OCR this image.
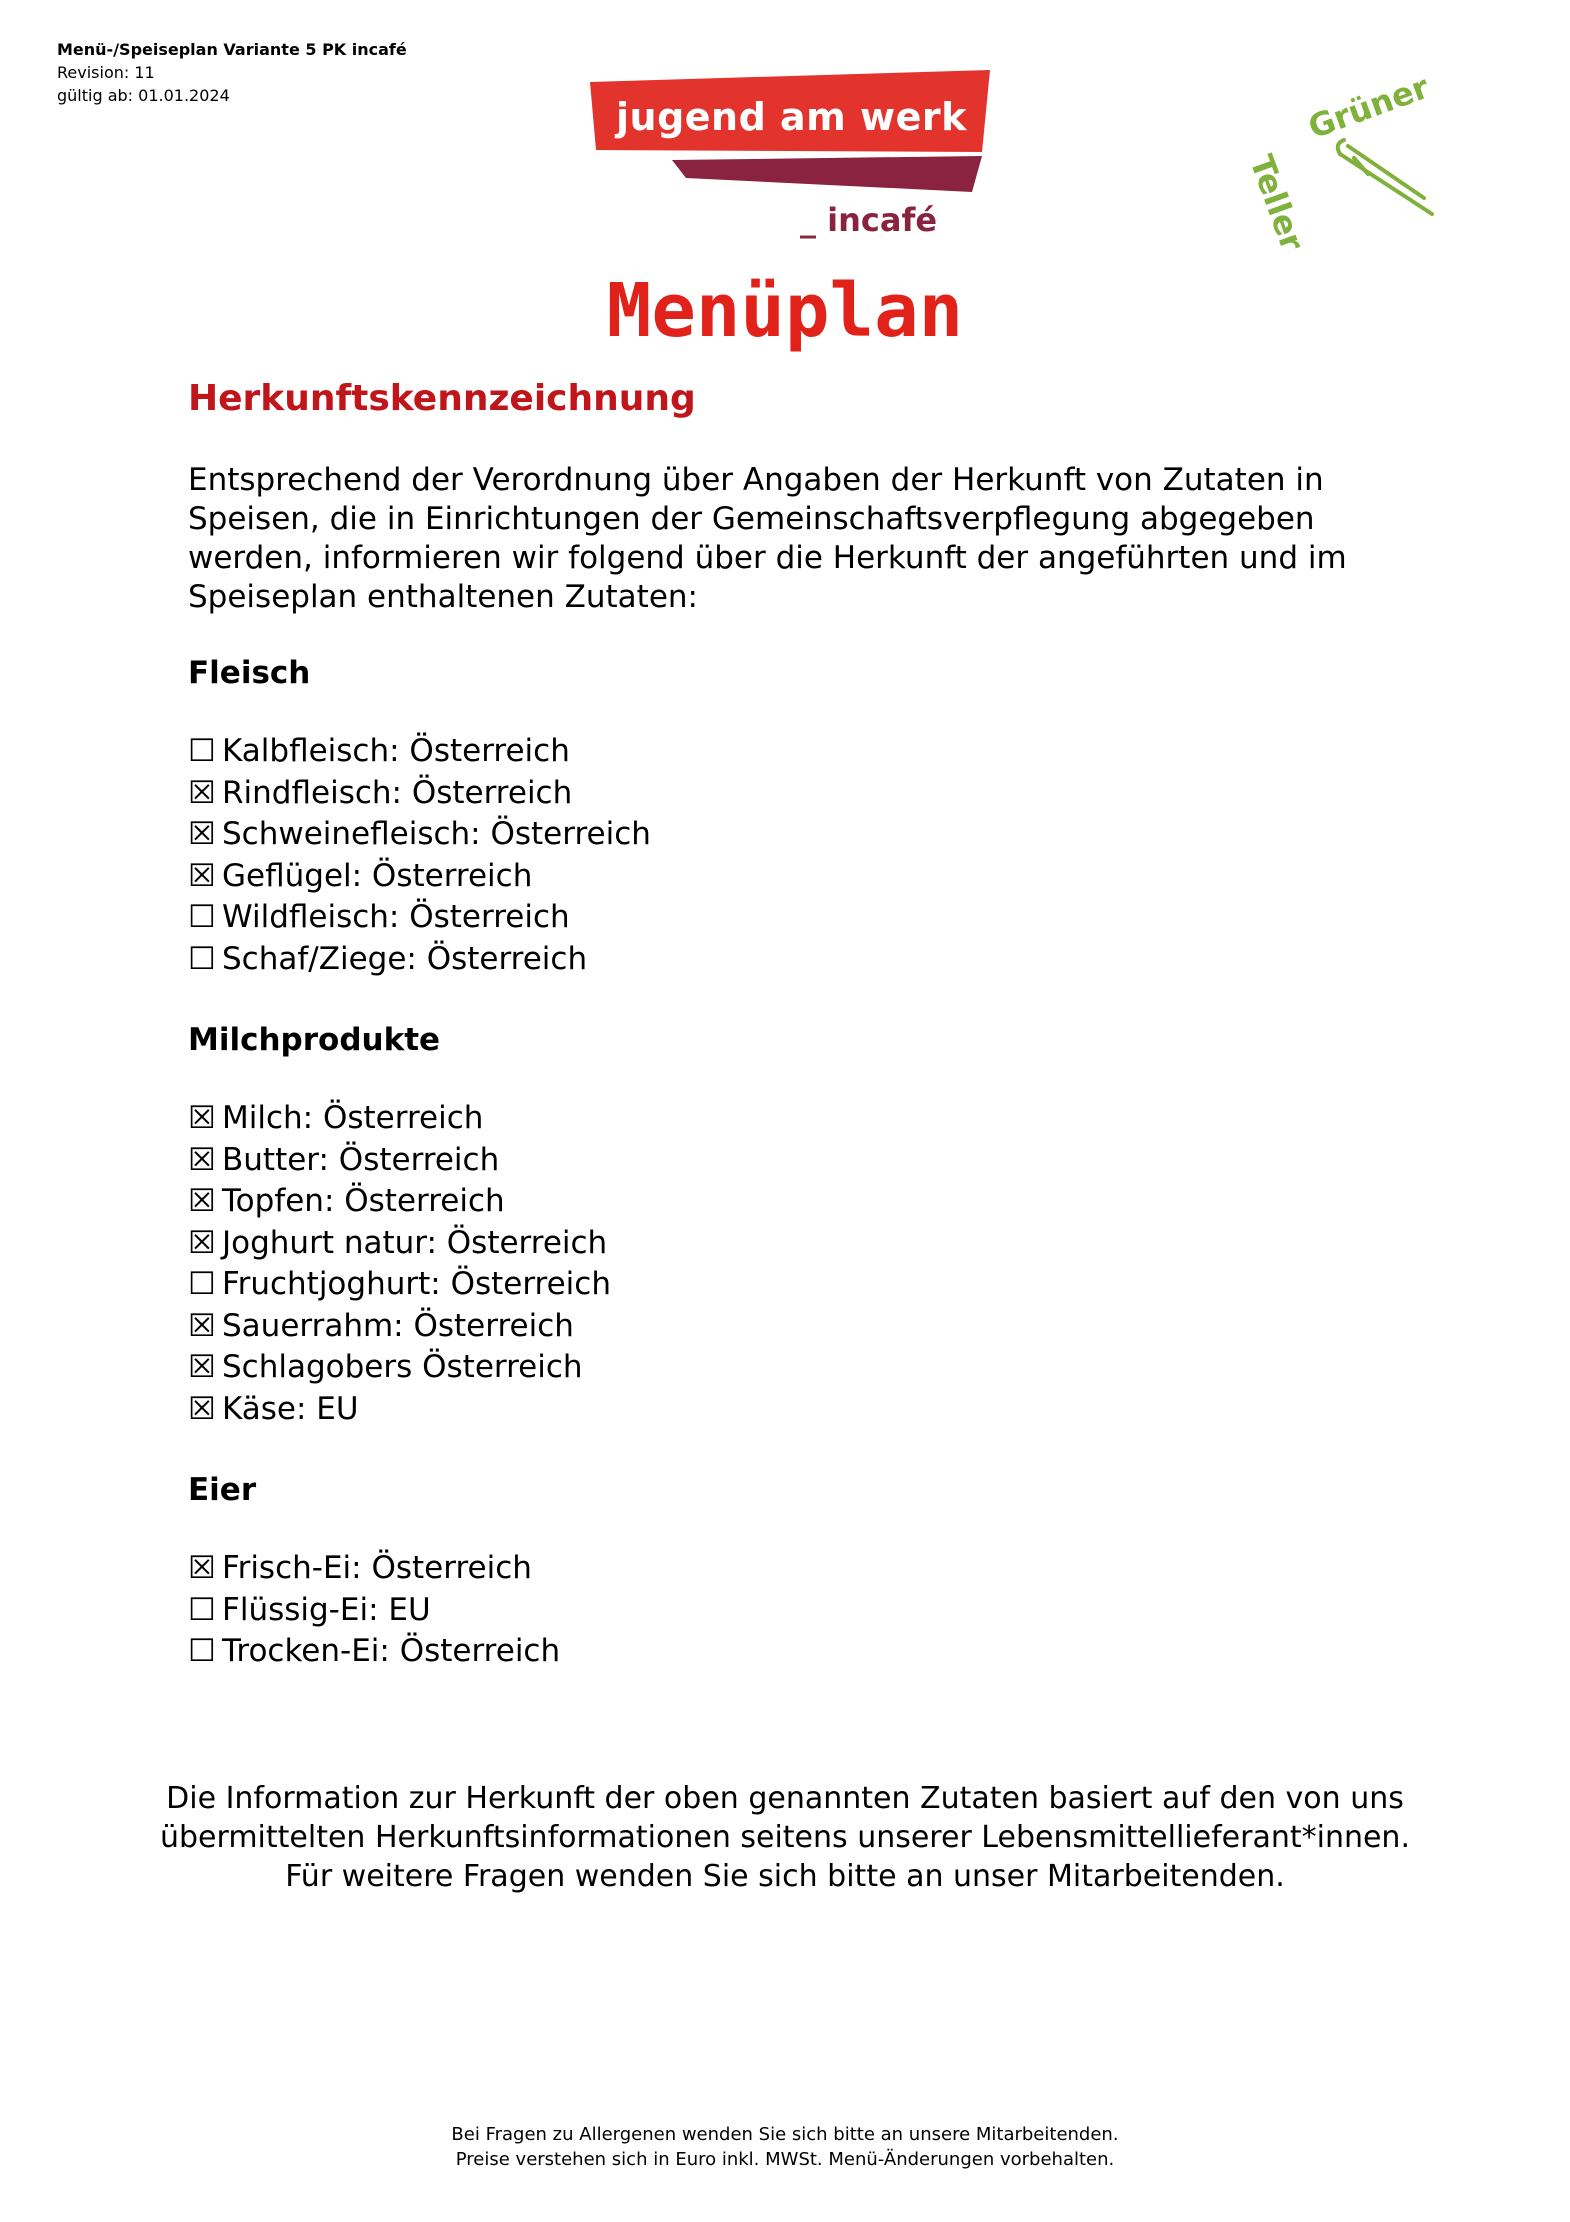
Menü-/Speiseplan Variante 5 PK incafé
Revision: 11
gültig ab: 01.01.2024	jugend am werk _
_ incafé
Grüner
Teller
Menüplan
Herkunftskennzeichnung
Entsprechend der Verordnung über Angaben der Herkunft von Zutaten in Speisen, die in Einrichtungen der Gemeinschaftsverpflegung abgegeben werden, informieren wir folgend über die Herkunft der angeführten und im Speiseplan enthaltenen Zutaten:
Fleisch
☐ Kalbfleisch: Österreich
☒ Rindfleisch: Österreich
☒ Schweinefleisch: Österreich
☒ Geflügel: Österreich
☐ Wildfleisch: Österreich
☐ Schaf/Ziege: Österreich
Milchprodukte
☒ Milch: Österreich
☒ Butter: Österreich
☒ Topfen: Österreich
☒ Joghurt natur: Österreich
☐ Fruchtjoghurt: Österreich
☒ Sauerrahm: Österreich
☒ Schlagobers Österreich
☒ Käse: EU
Eier
☒ Frisch-Ei: Österreich
☐ Flüssig-Ei: EU
☐ Trocken-Ei: Österreich
Die Information zur Herkunft der oben genannten Zutaten basiert auf den von uns
übermittelten Herkunftsinformationen seitens unserer Lebensmittellieferant*innen.
Für weitere Fragen wenden Sie sich bitte an unser Mitarbeitenden.
Bei Fragen zu Allergenen wenden Sie sich bitte an unsere Mitarbeitenden.
Preise verstehen sich in Euro inkl. MWSt. Menü-Änderungen vorbehalten.
